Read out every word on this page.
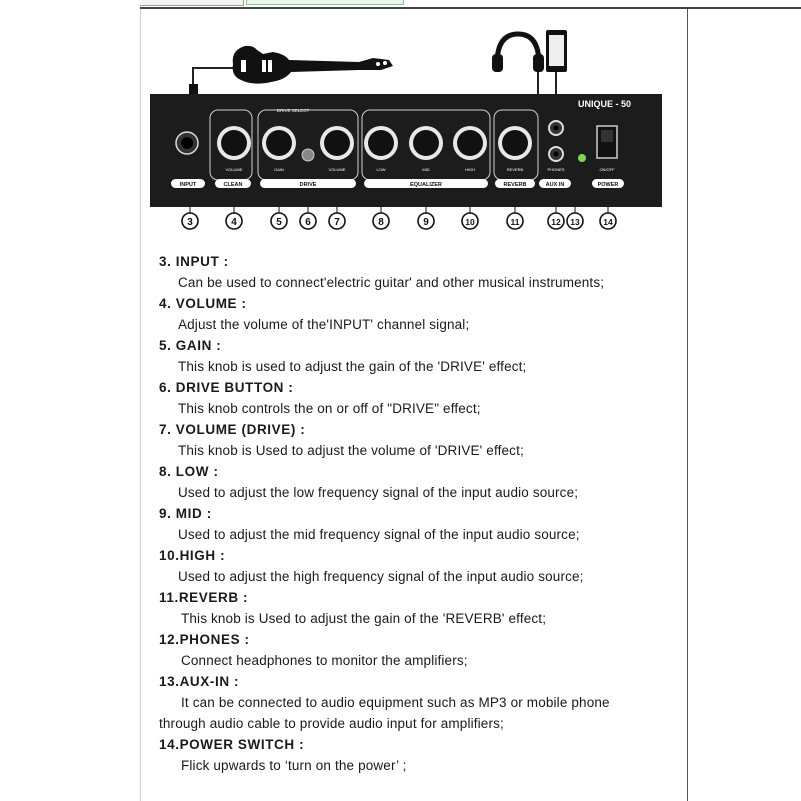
UNIQUE - 50
DRIVE SELECT
VOLUME	GAIN	VOLUME	LOW	MID	HIGH	REVERB	PHONES	ON/OFF
INPUT	CLEAN	DRIVE	EQUALIZER	REVERB	AUX IN	POWER
3	4	5 6 7	8	9	10	11	12 13	14
3. INPUT :
Can be used to connect'electric guitar' and other musical instruments;
4. VOLUME :
Adjust the volume of the'INPUT' channel signal;
5. GAIN :
This knob is used to adjust the gain of the 'DRIVE' effect;
6. DRIVE BUTTON :
This knob controls the on or off of "DRIVE" effect;
7. VOLUME (DRIVE) :
This knob is Used to adjust the volume of 'DRIVE' effect;
8. LOW :
Used to adjust the low frequency signal of the input audio source;
9. MID :
Used to adjust the mid frequency signal of the input audio source;
10.HIGH :
Used to adjust the high frequency signal of the input audio source;
11.REVERB :
This knob is Used to adjust the gain of the 'REVERB' effect;
12.PHONES :
Connect headphones to monitor the amplifiers;
13.AUX-IN :
It can be connected to audio equipment such as MP3 or mobile phone
through audio cable to provide audio input for amplifiers;
14.POWER SWITCH :
Flick upwards to ‘turn on the power’ ;
